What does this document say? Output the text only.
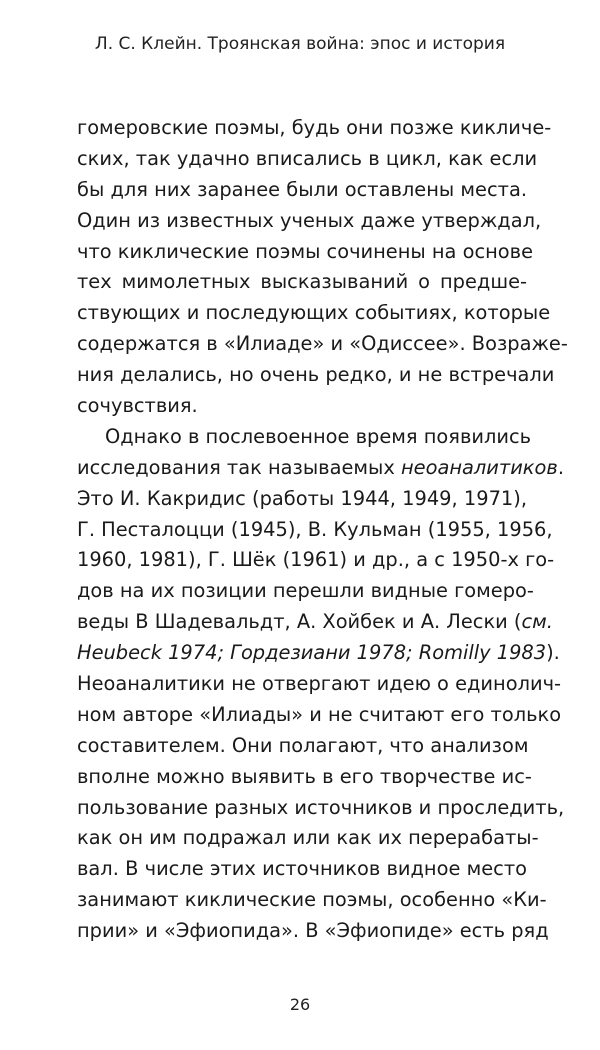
Л. С. Клейн. Троянская война: эпос и история
гомеровские поэмы, будь они позже кикличе-
ских, так удачно вписались в цикл, как если
бы для них заранее были оставлены места.
Один из известных ученых даже утверждал,
что киклические поэмы сочинены на основе
тех мимолетных высказываний о предше-
ствующих и последующих событиях, которые
содержатся в «Илиаде» и «Одиссее». Возраже-
ния делались, но очень редко, и не встречали
сочувствия.
Однако в послевоенное время появились
исследования так называемых неоаналитиков.
Это И. Какридис (работы 1944, 1949, 1971),
Г. Песталоцци (1945), В. Кульман (1955, 1956,
1960, 1981), Г. Шёк (1961) и др., а с 1950-х го-
дов на их позиции перешли видные гомеро-
веды В Шадевальдт, А. Хойбек и А. Лески (см.
Heubeck 1974; Гордезиани 1978; Romilly 1983).
Неоаналитики не отвергают идею о единолич-
ном авторе «Илиады» и не считают его только
составителем. Они полагают, что анализом
вполне можно выявить в его творчестве ис-
пользование разных источников и проследить,
как он им подражал или как их перерабаты-
вал. В числе этих источников видное место
занимают киклические поэмы, особенно «Ки-
прии» и «Эфиопида». В «Эфиопиде» есть ряд
26
